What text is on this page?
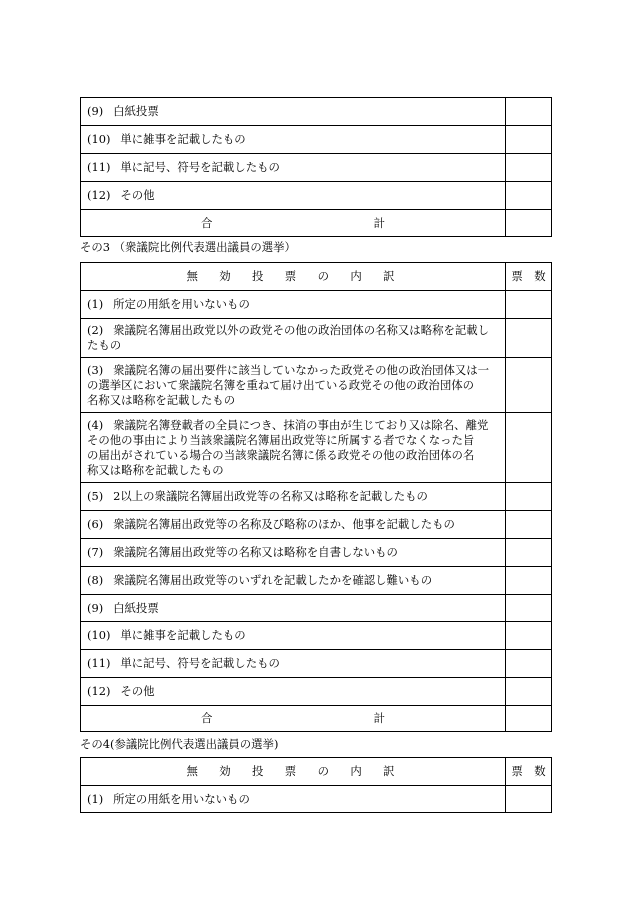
(9) 白紙投票	
(10) 単に雑事を記載したもの	
(11) 単に記号、符号を記載したもの	
(12) その他	

合 計	

その3 （衆議院比例代表選出議員の選挙）
無　効　投　票　の　内　訳	票　数
(1) 所定の用紙を用いないもの	

(2) 衆議院名簿届出政党以外の政党その他の政治団体の名称又は略称を記載し
たもの	

(3) 衆議院名簿の届出要件に該当していなかった政党その他の政治団体又は一
の選挙区において衆議院名簿を重ねて届け出ている政党その他の政治団体の
名称又は略称を記載したもの	

(4) 衆議院名簿登載者の全員につき、抹消の事由が生じており又は除名、離党
その他の事由により当該衆議院名簿届出政党等に所属する者でなくなった旨
の届出がされている場合の当該衆議院名簿に係る政党その他の政治団体の名
称又は略称を記載したもの	

(5) 2以上の衆議院名簿届出政党等の名称又は略称を記載したもの	
(6) 衆議院名簿届出政党等の名称及び略称のほか、他事を記載したもの	
(7) 衆議院名簿届出政党等の名称又は略称を自書しないもの	
(8) 衆議院名簿届出政党等のいずれを記載したかを確認し難いもの	
(9) 白紙投票	
(10) 単に雑事を記載したもの	
(11) 単に記号、符号を記載したもの	
(12) その他	

合 計	

その4(参議院比例代表選出議員の選挙)
無　効　投　票　の　内　訳	票　数
(1) 所定の用紙を用いないもの	
